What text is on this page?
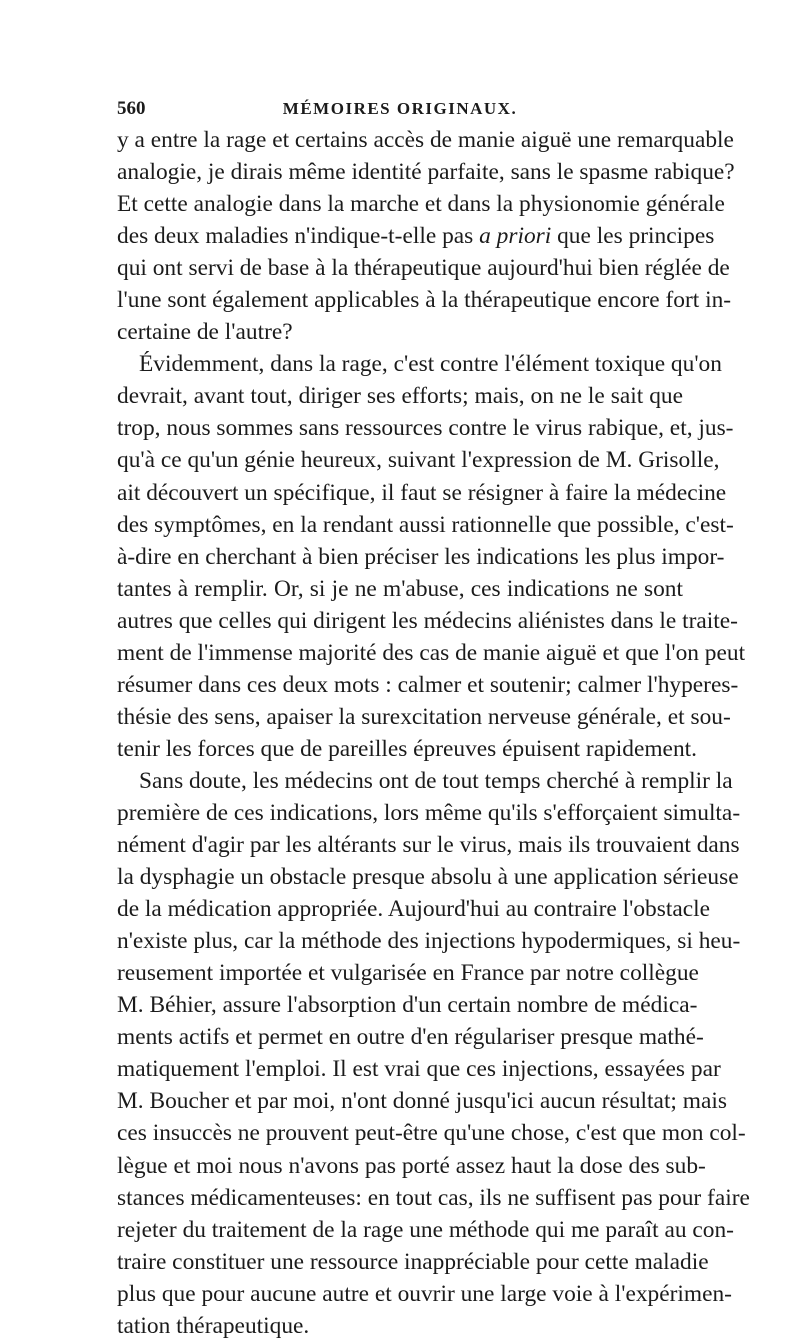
560	MÉMOIRES ORIGINAUX.
y a entre la rage et certains accès de manie aiguë une remarquable
analogie, je dirais même identité parfaite, sans le spasme rabique?
Et cette analogie dans la marche et dans la physionomie générale
des deux maladies n'indique-t-elle pas a priori que les principes
qui ont servi de base à la thérapeutique aujourd'hui bien réglée de
l'une sont également applicables à la thérapeutique encore fort in-
certaine de l'autre?
Évidemment, dans la rage, c'est contre l'élément toxique qu'on
devrait, avant tout, diriger ses efforts; mais, on ne le sait que
trop, nous sommes sans ressources contre le virus rabique, et, jus-
qu'à ce qu'un génie heureux, suivant l'expression de M. Grisolle,
ait découvert un spécifique, il faut se résigner à faire la médecine
des symptômes, en la rendant aussi rationnelle que possible, c'est-
à-dire en cherchant à bien préciser les indications les plus impor-
tantes à remplir. Or, si je ne m'abuse, ces indications ne sont
autres que celles qui dirigent les médecins aliénistes dans le traite-
ment de l'immense majorité des cas de manie aiguë et que l'on peut
résumer dans ces deux mots : calmer et soutenir; calmer l'hyperes-
thésie des sens, apaiser la surexcitation nerveuse générale, et sou-
tenir les forces que de pareilles épreuves épuisent rapidement.
Sans doute, les médecins ont de tout temps cherché à remplir la
première de ces indications, lors même qu'ils s'efforçaient simulta-
nément d'agir par les altérants sur le virus, mais ils trouvaient dans
la dysphagie un obstacle presque absolu à une application sérieuse
de la médication appropriée. Aujourd'hui au contraire l'obstacle
n'existe plus, car la méthode des injections hypodermiques, si heu-
reusement importée et vulgarisée en France par notre collègue
M. Béhier, assure l'absorption d'un certain nombre de médica-
ments actifs et permet en outre d'en régulariser presque mathé-
matiquement l'emploi. Il est vrai que ces injections, essayées par
M. Boucher et par moi, n'ont donné jusqu'ici aucun résultat; mais
ces insuccès ne prouvent peut-être qu'une chose, c'est que mon col-
lègue et moi nous n'avons pas porté assez haut la dose des sub-
stances médicamenteuses: en tout cas, ils ne suffisent pas pour faire
rejeter du traitement de la rage une méthode qui me paraît au con-
traire constituer une ressource inappréciable pour cette maladie
plus que pour aucune autre et ouvrir une large voie à l'expérimen-
tation thérapeutique.
